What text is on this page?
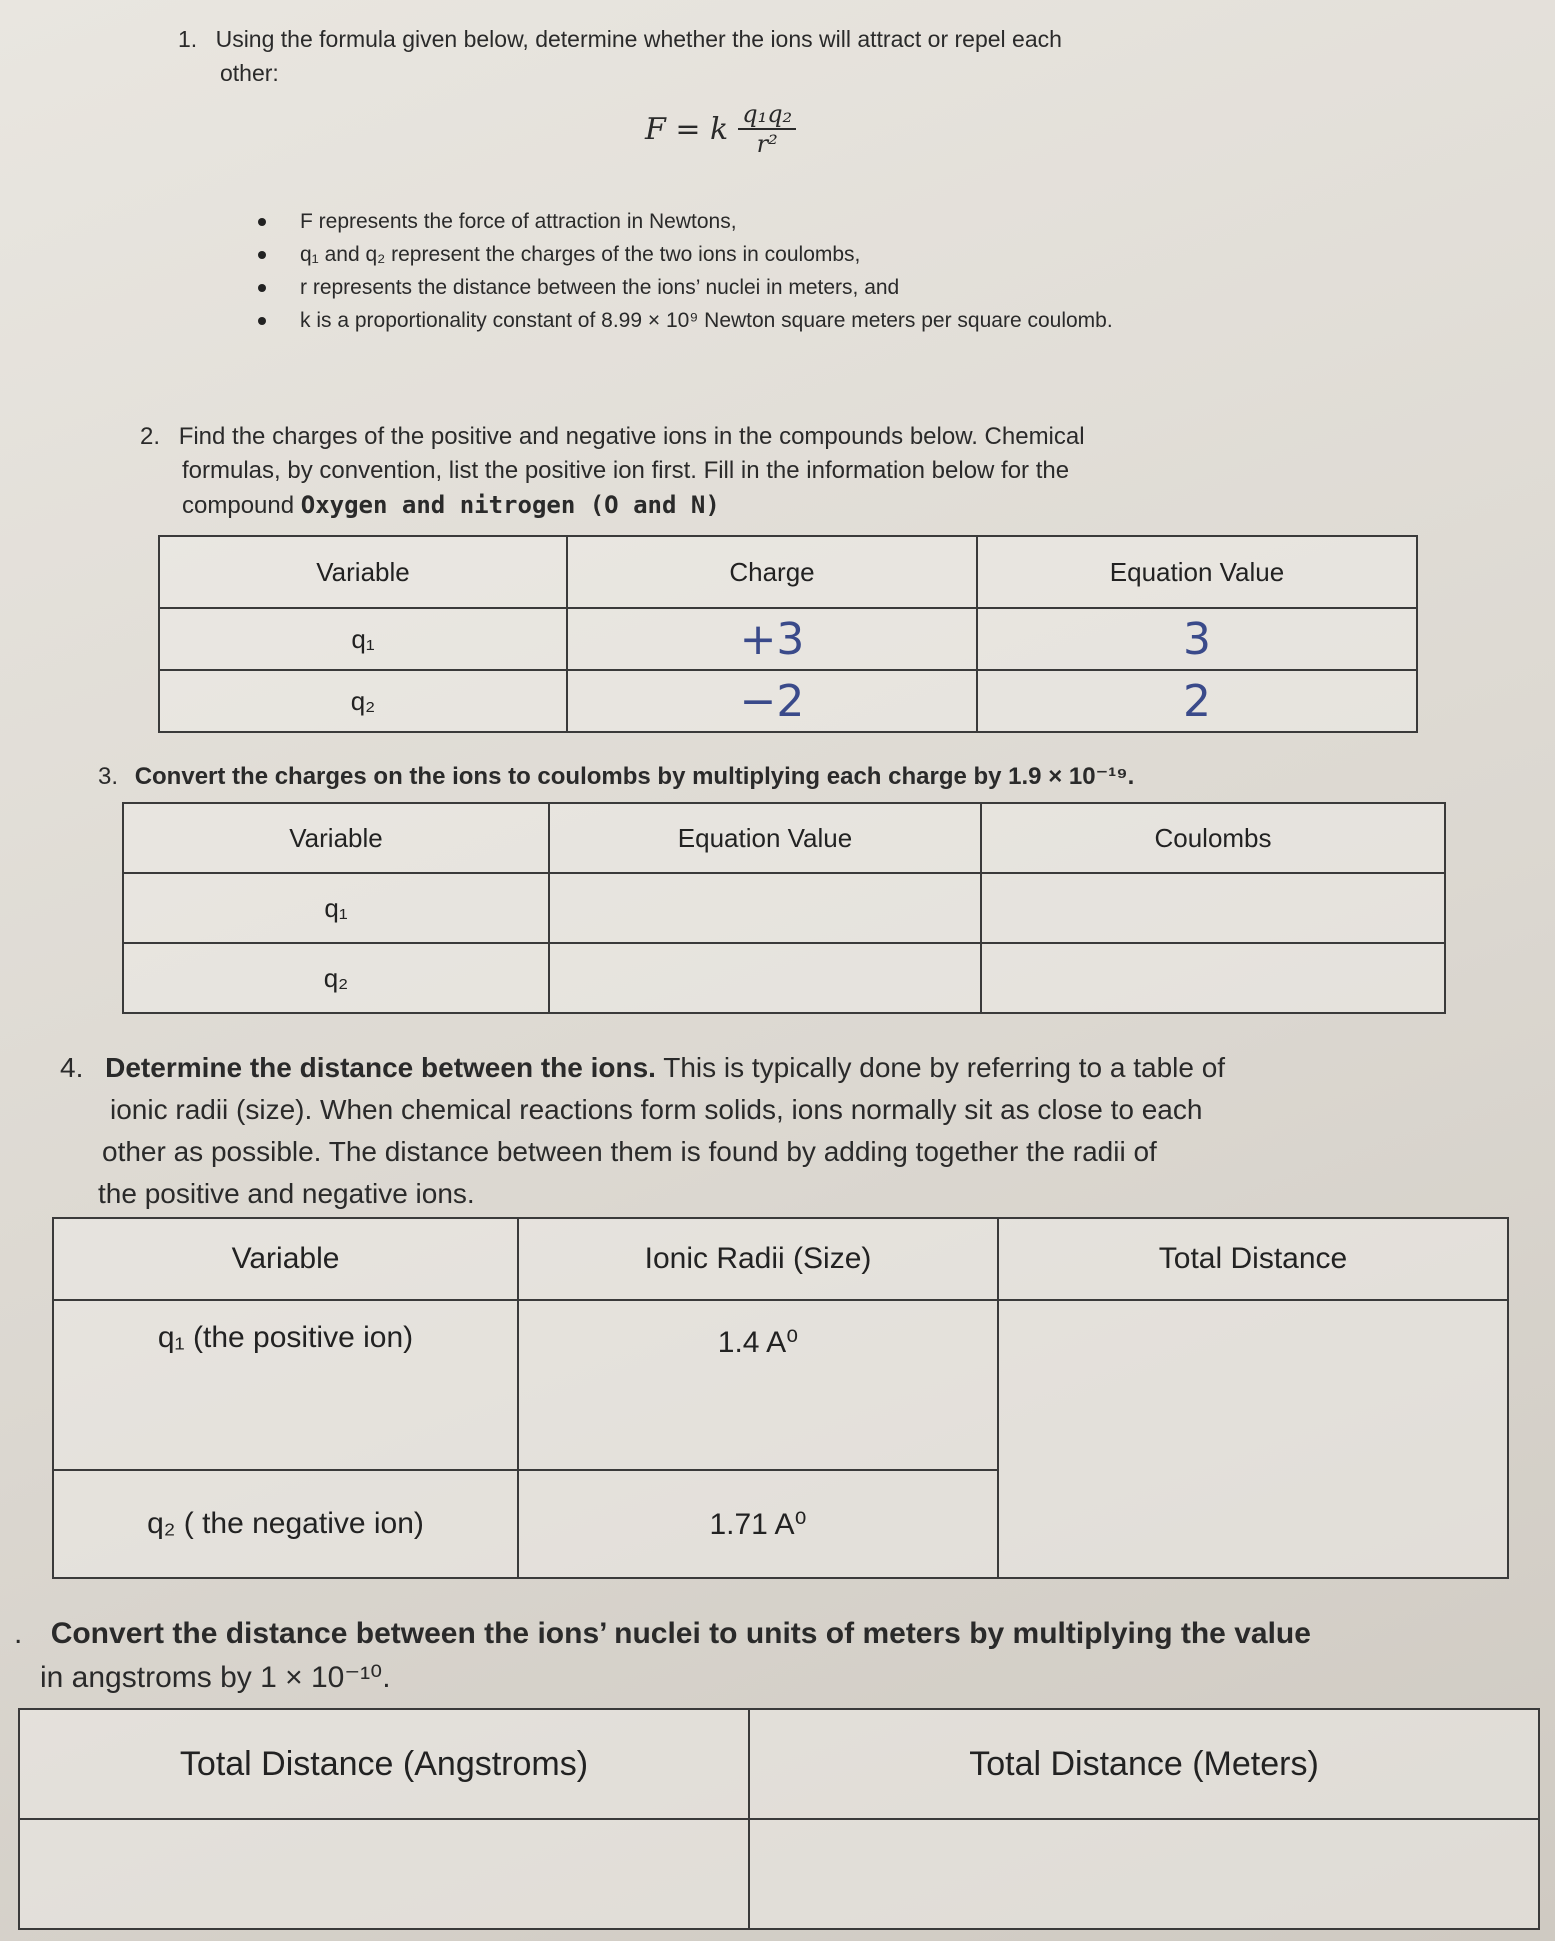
1. Using the formula given below, determine whether the ions will attract or repel each
other:
F = k $\frac{\text{q₁q₂}}{\text{r²}}$
F represents the force of attraction in Newtons,
q₁ and q₂ represent the charges of the two ions in coulombs,
r represents the distance between the ions’ nuclei in meters, and
k is a proportionality constant of 8.99 × 10⁹ Newton square meters per square coulomb.
2. Find the charges of the positive and negative ions in the compounds below. Chemical
formulas, by convention, list the positive ion first. Fill in the information below for the
compound Oxygen and nitrogen (O and N)
Variable	Charge	Equation Value
q₁	+3	3
q₂	−2	2
3. Convert the charges on the ions to coulombs by multiplying each charge by 1.9 × 10⁻¹⁹.
Variable	Equation Value	Coulombs
q₁		
q₂		
4. Determine the distance between the ions. This is typically done by referring to a table of
ionic radii (size). When chemical reactions form solids, ions normally sit as close to each
other as possible. The distance between them is found by adding together the radii of
the positive and negative ions.
Variable	Ionic Radii (Size)	Total Distance
q₁ (the positive ion)	1.4 A⁰	
q₂ ( the negative ion)	1.71 A⁰	
. Convert the distance between the ions’ nuclei to units of meters by multiplying the value
in angstroms by 1 × 10⁻¹⁰.
Total Distance (Angstroms)	Total Distance (Meters)
